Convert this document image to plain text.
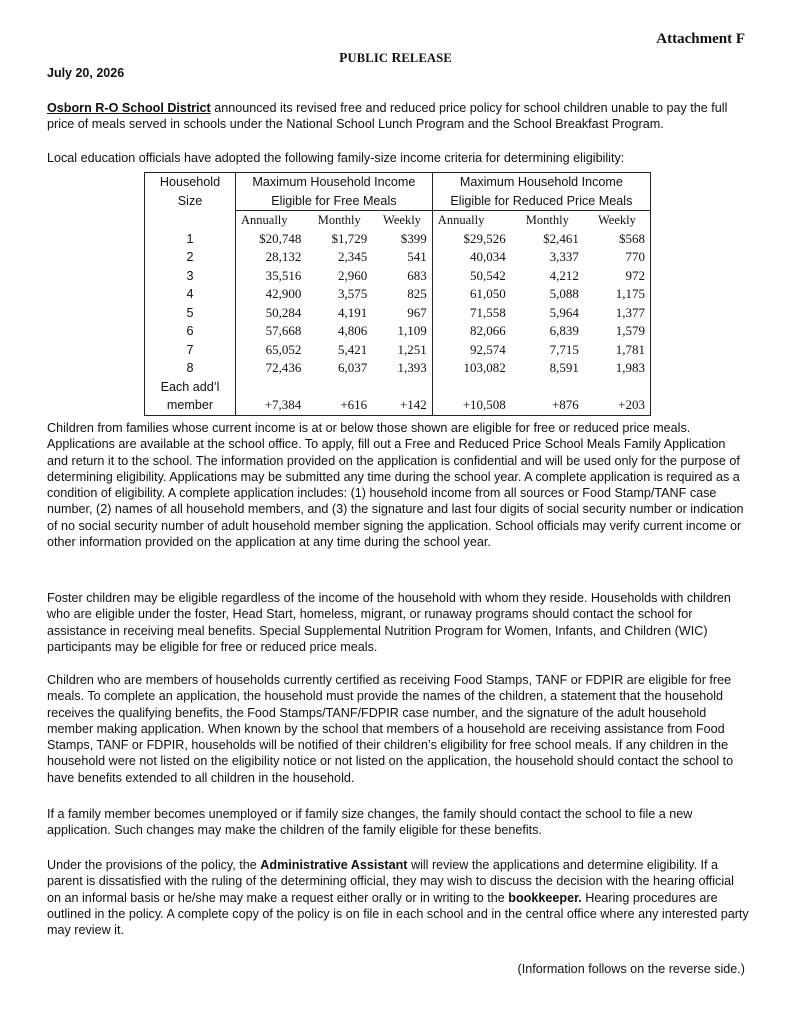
Attachment F
PUBLIC RELEASE
July 20, 2026

Osborn R-O School District announced its revised free and reduced price policy for school children unable to pay the full price of meals served in schools under the National School Lunch Program and the School Breakfast Program.

Local education officials have adopted the following family-size income criteria for determining eligibility:

Household	Maximum Household Income			Maximum Household Income		
Size	Eligible for Free Meals			Eligible for Reduced Price Meals		
	Annually	Monthly	Weekly	Annually	Monthly	Weekly
1	$20,748	$1,729	$399	$29,526	$2,461	$568
2	28,132	2,345	541	40,034	3,337	770
3	35,516	2,960	683	50,542	4,212	972
4	42,900	3,575	825	61,050	5,088	1,175
5	50,284	4,191	967	71,558	5,964	1,377
6	57,668	4,806	1,109	82,066	6,839	1,579
7	65,052	5,421	1,251	92,574	7,715	1,781
8	72,436	6,037	1,393	103,082	8,591	1,983
Each add’l						
member	+7,384	+616	+142	+10,508	+876	+203

Children from families whose current income is at or below those shown are eligible for free or reduced price meals. Applications are available at the school office. To apply, fill out a Free and Reduced Price School Meals Family Application and return it to the school. The information provided on the application is confidential and will be used only for the purpose of determining eligibility. Applications may be submitted any time during the school year. A complete application is required as a condition of eligibility. A complete application includes: (1) household income from all sources or Food Stamp/TANF case number, (2) names of all household members, and (3) the signature and last four digits of social security number or indication of no social security number of adult household member signing the application. School officials may verify current income or other information provided on the application at any time during the school year.

Foster children may be eligible regardless of the income of the household with whom they reside. Households with children who are eligible under the foster, Head Start, homeless, migrant, or runaway programs should contact the school for assistance in receiving meal benefits. Special Supplemental Nutrition Program for Women, Infants, and Children (WIC) participants may be eligible for free or reduced price meals.

Children who are members of households currently certified as receiving Food Stamps, TANF or FDPIR are eligible for free meals. To complete an application, the household must provide the names of the children, a statement that the household receives the qualifying benefits, the Food Stamps/TANF/FDPIR case number, and the signature of the adult household member making application. When known by the school that members of a household are receiving assistance from Food Stamps, TANF or FDPIR, households will be notified of their children’s eligibility for free school meals. If any children in the household were not listed on the eligibility notice or not listed on the application, the household should contact the school to have benefits extended to all children in the household.

If a family member becomes unemployed or if family size changes, the family should contact the school to file a new application. Such changes may make the children of the family eligible for these benefits.

Under the provisions of the policy, the Administrative Assistant will review the applications and determine eligibility. If a parent is dissatisfied with the ruling of the determining official, they may wish to discuss the decision with the hearing official on an informal basis or he/she may make a request either orally or in writing to the bookkeeper. Hearing procedures are outlined in the policy. A complete copy of the policy is on file in each school and in the central office where any interested party may review it.

(Information follows on the reverse side.)
